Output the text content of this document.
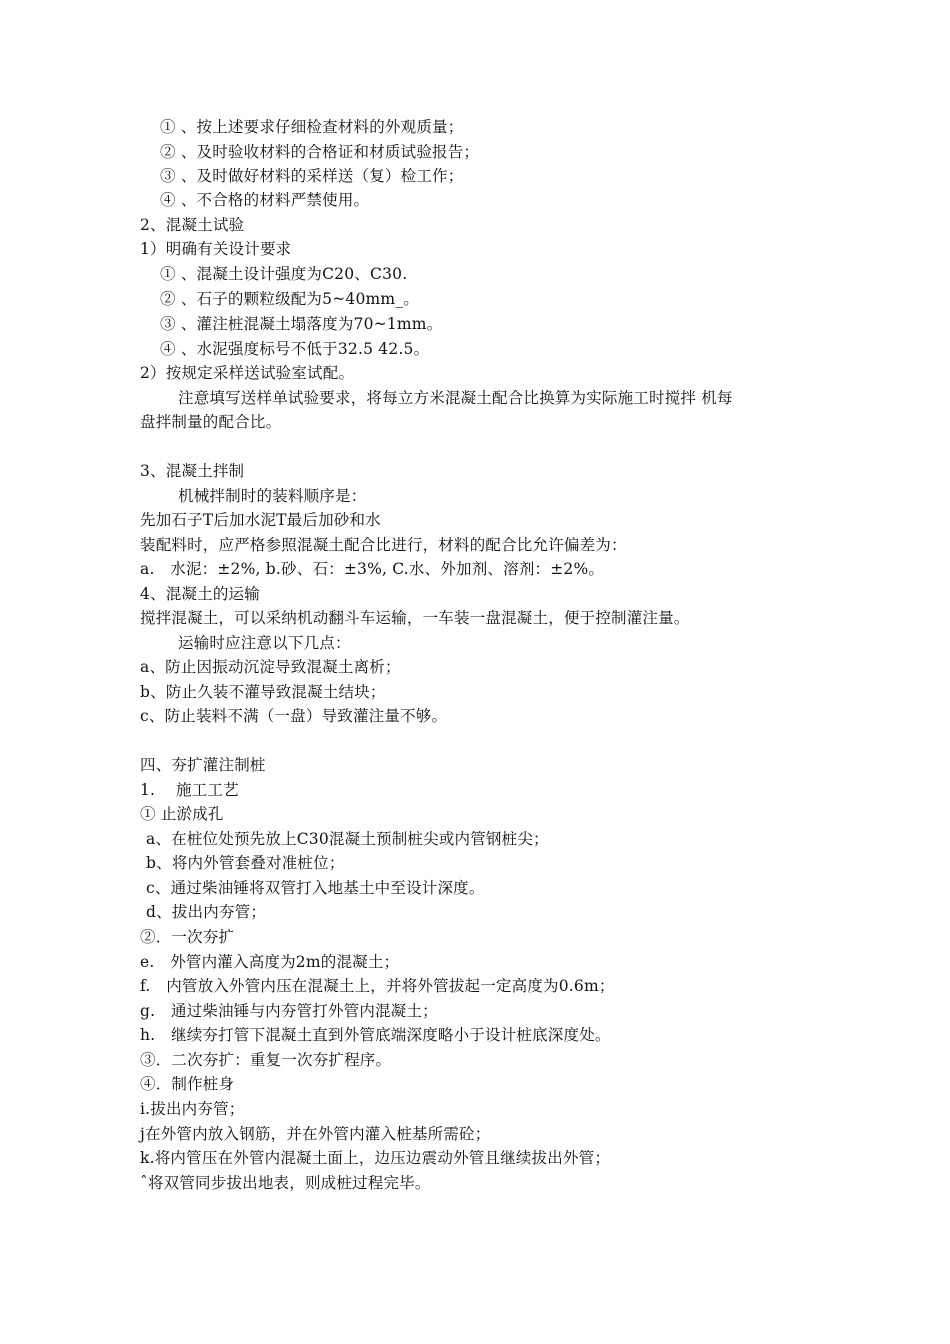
① 、按上述要求仔细检查材料的外观质量；
② 、及时验收材料的合格证和材质试验报告；
③ 、及时做好材料的采样送（复）检工作；
④ 、不合格的材料严禁使用。
2、混凝土试验
1）明确有关设计要求
① 、混凝土设计强度为C20、C30.
② 、石子的颗粒级配为5~40mm_。
③ 、灌注桩混凝土塌落度为70~1mm。
④ 、水泥强度标号不低于32.5 42.5。
2）按规定采样送试验室试配。
注意填写送样单试验要求，将每立方米混凝土配合比换算为实际施工时搅拌 机每
盘拌制量的配合比。
3、混凝土拌制
机械拌制时的装料顺序是：
先加石子T后加水泥T最后加砂和水
装配料时，应严格参照混凝土配合比进行，材料的配合比允许偏差为：
a.　水泥：±2%, b.砂、石：±3%, C.水、外加剂、溶剂：±2%。
4、混凝土的运输
搅拌混凝土，可以采纳机动翻斗车运输，一车装一盘混凝土，便于控制灌注量。
运输时应注意以下几点：
a、防止因振动沉淀导致混凝土离析；
b、防止久装不灌导致混凝土结块；
c、防止装料不满（一盘）导致灌注量不够。
四、夯扩灌注制桩
1.　 施工工艺
① 止淤成孔
a、在桩位处预先放上C30混凝土预制桩尖或内管钢桩尖；
b、将内外管套叠对准桩位；
c、通过柴油锤将双管打入地基土中至设计深度。
d、拔出内夯管；
②．一次夯扩
e.　外管内灌入高度为2m的混凝土；
f.　内管放入外管内压在混凝土上，并将外管拔起一定高度为0.6m；
g.　通过柴油锤与内夯管打外管内混凝土；
h.　继续夯打管下混凝土直到外管底端深度略小于设计桩底深度处。
③．二次夯扩：重复一次夯扩程序。
④．制作桩身
i.拔出内夯管；
j在外管内放入钢筋，并在外管内灌入桩基所需砼；
k.将内管压在外管内混凝土面上，边压边震动外管且继续拔出外管；
ˆ将双管同步拔出地表，则成桩过程完毕。
